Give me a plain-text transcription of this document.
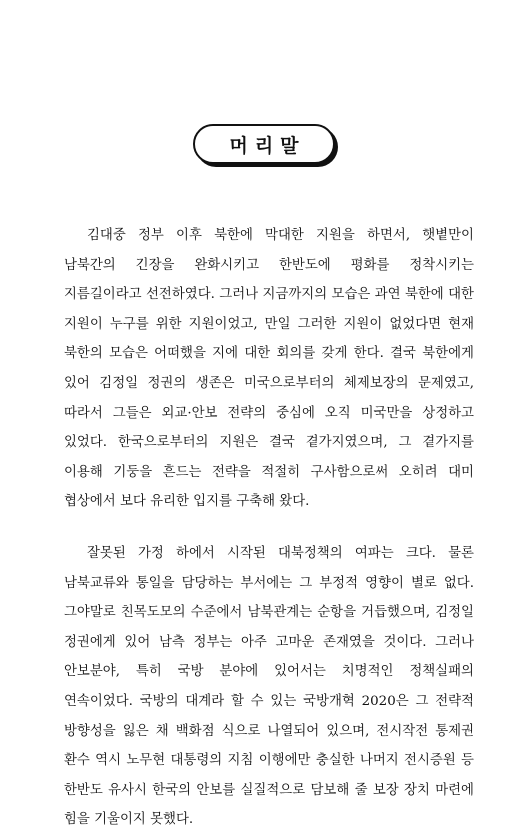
머리말

김대중 정부 이후 북한에 막대한 지원을 하면서, 햇볕만이 남북간의 긴장을 완화시키고 한반도에 평화를 정착시키는 지름길이라고 선전하였다. 그러나 지금까지의 모습은 과연 북한에 대한 지원이 누구를 위한 지원이었고, 만일 그러한 지원이 없었다면 현재 북한의 모습은 어떠했을 지에 대한 회의를 갖게 한다. 결국 북한에게 있어 김정일 정권의 생존은 미국으로부터의 체제보장의 문제였고, 따라서 그들은 외교·안보 전략의 중심에 오직 미국만을 상정하고 있었다. 한국으로부터의 지원은 결국 곁가지였으며, 그 곁가지를 이용해 기둥을 흔드는 전략을 적절히 구사함으로써 오히려 대미 협상에서 보다 유리한 입지를 구축해 왔다.

잘못된 가정 하에서 시작된 대북정책의 여파는 크다. 물론 남북교류와 통일을 담당하는 부서에는 그 부정적 영향이 별로 없다. 그야말로 친목도모의 수준에서 남북관계는 순항을 거듭했으며, 김정일 정권에게 있어 남측 정부는 아주 고마운 존재였을 것이다. 그러나 안보분야, 특히 국방 분야에 있어서는 치명적인 정책실패의 연속이었다. 국방의 대계라 할 수 있는 국방개혁 2020은 그 전략적 방향성을 잃은 채 백화점 식으로 나열되어 있으며, 전시작전 통제권 환수 역시 노무현 대통령의 지침 이행에만 충실한 나머지 전시증원 등 한반도 유사시 한국의 안보를 실질적으로 담보해 줄 보장 장치 마련에 힘을 기울이지 못했다.
